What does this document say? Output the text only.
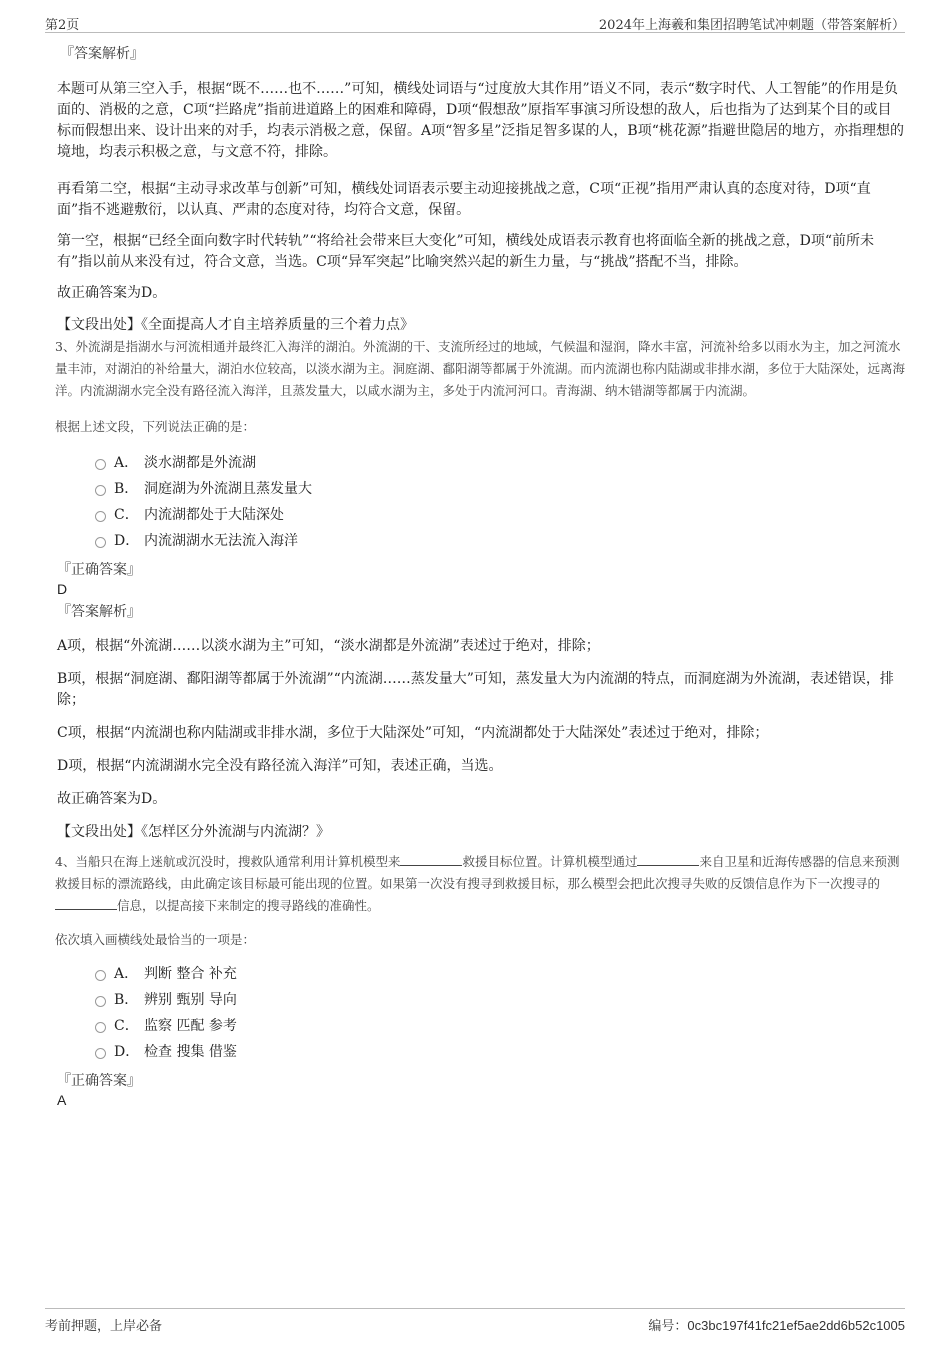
第2页	2024年上海羲和集团招聘笔试冲刺题（带答案解析）
『答案解析』

本题可从第三空入手，根据“既不……也不……”可知，横线处词语与“过度放大其作用”语义不同，表示“数字时代、人工智能”的作用是负面的、消极的之意，C项“拦路虎”指前进道路上的困难和障碍，D项“假想敌”原指军事演习所设想的敌人，后也指为了达到某个目的或目标而假想出来、设计出来的对手，均表示消极之意，保留。A项“智多星”泛指足智多谋的人，B项“桃花源”指避世隐居的地方，亦指理想的境地，均表示积极之意，与文意不符，排除。

再看第二空，根据“主动寻求改革与创新”可知，横线处词语表示要主动迎接挑战之意，C项“正视”指用严肃认真的态度对待，D项“直面”指不逃避敷衍，以认真、严肃的态度对待，均符合文意，保留。

第一空，根据“已经全面向数字时代转轨”“将给社会带来巨大变化”可知，横线处成语表示教育也将面临全新的挑战之意，D项“前所未有”指以前从来没有过，符合文意，当选。C项“异军突起”比喻突然兴起的新生力量，与“挑战”搭配不当，排除。

故正确答案为D。

【文段出处】《全面提高人才自主培养质量的三个着力点》

3、外流湖是指湖水与河流相通并最终汇入海洋的湖泊。外流湖的干、支流所经过的地域，气候温和湿润，降水丰富，河流补给多以雨水为主，加之河流水量丰沛，对湖泊的补给量大，湖泊水位较高，以淡水湖为主。洞庭湖、鄱阳湖等都属于外流湖。而内流湖也称内陆湖或非排水湖，多位于大陆深处，远离海洋。内流湖湖水完全没有路径流入海洋，且蒸发量大，以咸水湖为主，多处于内流河河口。青海湖、纳木错湖等都属于内流湖。

根据上述文段，下列说法正确的是：

A． 淡水湖都是外流湖
B． 洞庭湖为外流湖且蒸发量大
C． 内流湖都处于大陆深处
D． 内流湖湖水无法流入海洋
『正确答案』
D
『答案解析』

A项，根据“外流湖……以淡水湖为主”可知，“淡水湖都是外流湖”表述过于绝对，排除；

B项，根据“洞庭湖、鄱阳湖等都属于外流湖”“内流湖……蒸发量大”可知，蒸发量大为内流湖的特点，而洞庭湖为外流湖，表述错误，排除；

C项，根据“内流湖也称内陆湖或非排水湖，多位于大陆深处”可知，“内流湖都处于大陆深处”表述过于绝对，排除；

D项，根据“内流湖湖水完全没有路径流入海洋”可知，表述正确，当选。

故正确答案为D。

【文段出处】《怎样区分外流湖与内流湖？》

4、当船只在海上迷航或沉没时，搜救队通常利用计算机模型来	救援目标位置。计算机模型通过	来自卫星和近海传感器的信息来预测救援目标的漂流路线，由此确定该目标最可能出现的位置。如果第一次没有搜寻到救援目标，那么模型会把此次搜寻失败的反馈信息作为下一次搜寻的信息，以提高接下来制定的搜寻路线的准确性。

依次填入画横线处最恰当的一项是：

A． 判断 整合 补充
B． 辨别 甄别 导向
C． 监察 匹配 参考
D． 检查 搜集 借鉴
『正确答案』
A
考前押题，上岸必备	编号：0c3bc197f41fc21ef5ae2dd6b52c1005
